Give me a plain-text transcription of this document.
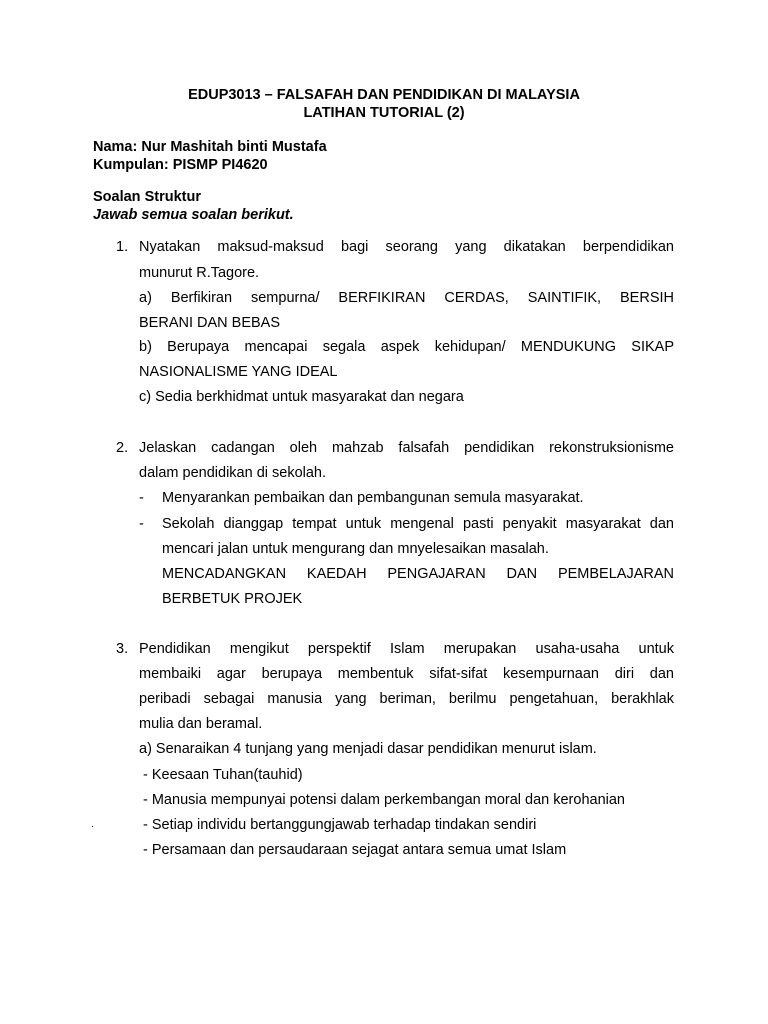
EDUP3013 – FALSAFAH DAN PENDIDIKAN DI MALAYSIA
LATIHAN TUTORIAL (2)
Nama: Nur Mashitah binti Mustafa
Kumpulan: PISMP PI4620
Soalan Struktur
Jawab semua soalan berikut.
1. Nyatakan maksud-maksud bagi seorang yang dikatakan berpendidikan
munurut R.Tagore.
a) Berfikiran sempurna/ BERFIKIRAN CERDAS, SAINTIFIK, BERSIH
BERANI DAN BEBAS
b) Berupaya mencapai segala aspek kehidupan/ MENDUKUNG SIKAP
NASIONALISME YANG IDEAL
c) Sedia berkhidmat untuk masyarakat dan negara
2. Jelaskan cadangan oleh mahzab falsafah pendidikan rekonstruksionisme
dalam pendidikan di sekolah.
- Menyarankan pembaikan dan pembangunan semula masyarakat.
- Sekolah dianggap tempat untuk mengenal pasti penyakit masyarakat dan
mencari jalan untuk mengurang dan mnyelesaikan masalah.
MENCADANGKAN KAEDAH PENGAJARAN DAN PEMBELAJARAN
BERBETUK PROJEK
3. Pendidikan mengikut perspektif Islam merupakan usaha-usaha untuk
membaiki agar berupaya membentuk sifat-sifat kesempurnaan diri dan
peribadi sebagai manusia yang beriman, berilmu pengetahuan, berakhlak
mulia dan beramal.
a) Senaraikan 4 tunjang yang menjadi dasar pendidikan menurut islam.
- Keesaan Tuhan(tauhid)
- Manusia mempunyai potensi dalam perkembangan moral dan kerohanian
- Setiap individu bertanggungjawab terhadap tindakan sendiri
- Persamaan dan persaudaraan sejagat antara semua umat Islam
.
